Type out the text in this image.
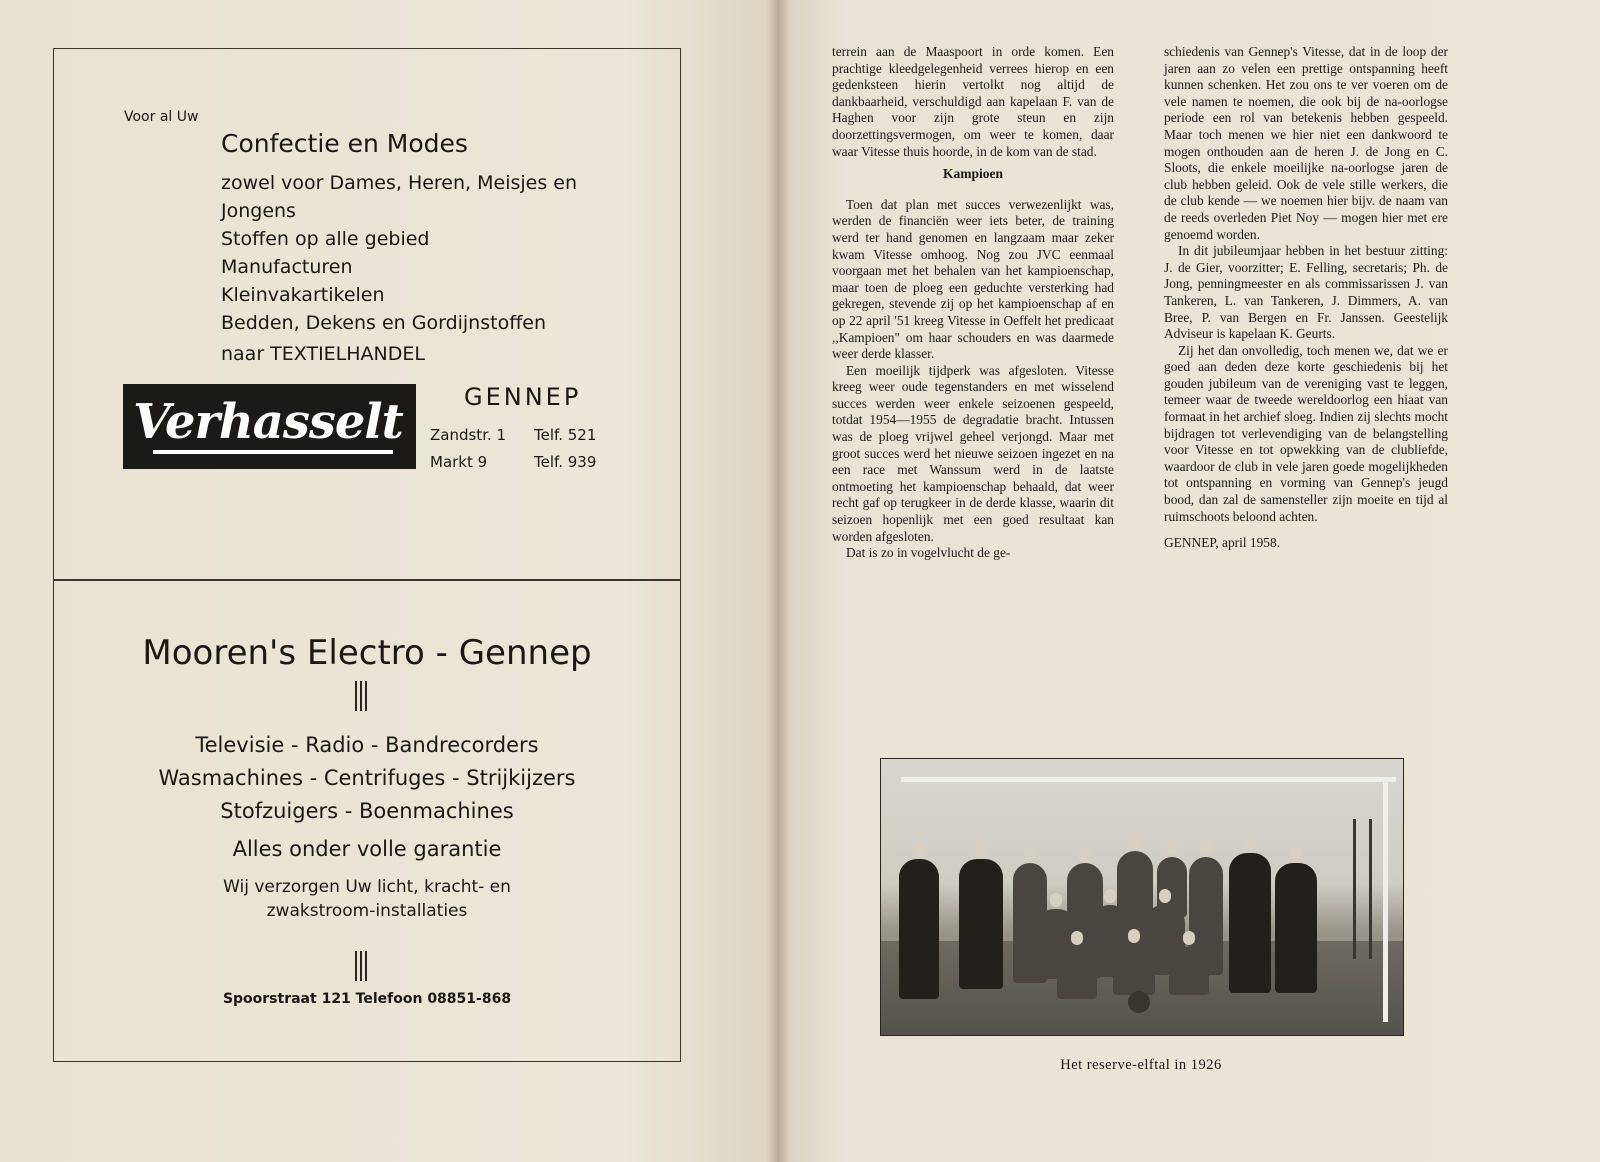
Voor al Uw
Confectie en Modes
zowel voor Dames, Heren, Meisjes en
Jongens
Stoffen op alle gebied
Manufacturen
Kleinvakartikelen
Bedden, Dekens en Gordijnstoffen
naar TEXTIELHANDEL
Verhasselt	GENNEP
Zandstr. 1 Telf. 521
Markt 9	Telf. 939
Mooren's Electro - Gennep
Televisie - Radio - Bandrecorders
Wasmachines - Centrifuges - Strijkijzers
Stofzuigers - Boenmachines
Alles onder volle garantie
Wij verzorgen Uw licht, kracht- en zwakstroom-installaties
Spoorstraat 121 Telefoon 08851-868

terrein aan de Maaspoort in orde komen. Een prachtige kleedgelegenheid verrees hierop en een gedenksteen hierin vertolkt nog altijd de dankbaarheid, verschuldigd aan kapelaan F. van de Haghen voor zijn grote steun en zijn doorzettingsvermogen, om weer te komen, daar waar Vitesse thuis hoorde, in de kom van de stad.

Kampioen

Toen dat plan met succes verwezenlijkt was, werden de financiën weer iets beter, de training werd ter hand genomen en langzaam maar zeker kwam Vitesse omhoog. Nog zou JVC eenmaal voorgaan met het behalen van het kampioenschap, maar toen de ploeg een geduchte versterking had gekregen, stevende zij op het kampioenschap af en op 22 april '51 kreeg Vitesse in Oeffelt het predicaat ,,Kampioen" om haar schouders en was daarmede weer derde klasser.

Een moeilijk tijdperk was afgesloten. Vitesse kreeg weer oude tegenstanders en met wisselend succes werden weer enkele seizoenen gespeeld, totdat 1954—1955 de degradatie bracht. Intussen was de ploeg vrijwel geheel verjongd. Maar met groot succes werd het nieuwe seizoen ingezet en na een race met Wanssum werd in de laatste ontmoeting het kampioenschap behaald, dat weer recht gaf op terugkeer in de derde klasse, waarin dit seizoen hopenlijk met een goed resultaat kan worden afgesloten.

Dat is zo in vogelvlucht de ge-

schiedenis van Gennep's Vitesse, dat in de loop der jaren aan zo velen een prettige ontspanning heeft kunnen schenken. Het zou ons te ver voeren om de vele namen te noemen, die ook bij de na-oorlogse periode een rol van betekenis hebben gespeeld. Maar toch menen we hier niet een dankwoord te mogen onthouden aan de heren J. de Jong en C. Sloots, die enkele moeilijke na-oorlogse jaren de club hebben geleid. Ook de vele stille werkers, die de club kende — we noemen hier bijv. de naam van de reeds overleden Piet Noy — mogen hier met ere genoemd worden.

In dit jubileumjaar hebben in het bestuur zitting: J. de Gier, voorzitter; E. Felling, secretaris; Ph. de Jong, penningmeester en als commissarissen J. van Tankeren, L. van Tankeren, J. Dimmers, A. van Bree, P. van Bergen en Fr. Janssen. Geestelijk Adviseur is kapelaan K. Geurts.

Zij het dan onvolledig, toch menen we, dat we er goed aan deden deze korte geschiedenis bij het gouden jubileum van de vereniging vast te leggen, temeer waar de tweede wereldoorlog een hiaat van formaat in het archief sloeg. Indien zij slechts mocht bijdragen tot verlevendiging van de belangstelling voor Vitesse en tot opwekking van de clubliefde, waardoor de club in vele jaren goede mogelijkheden tot ontspanning en vorming van Gennep's jeugd bood, dan zal de samensteller zijn moeite en tijd al ruimschoots beloond achten.

GENNEP, april 1958.

Het reserve-elftal in 1926
